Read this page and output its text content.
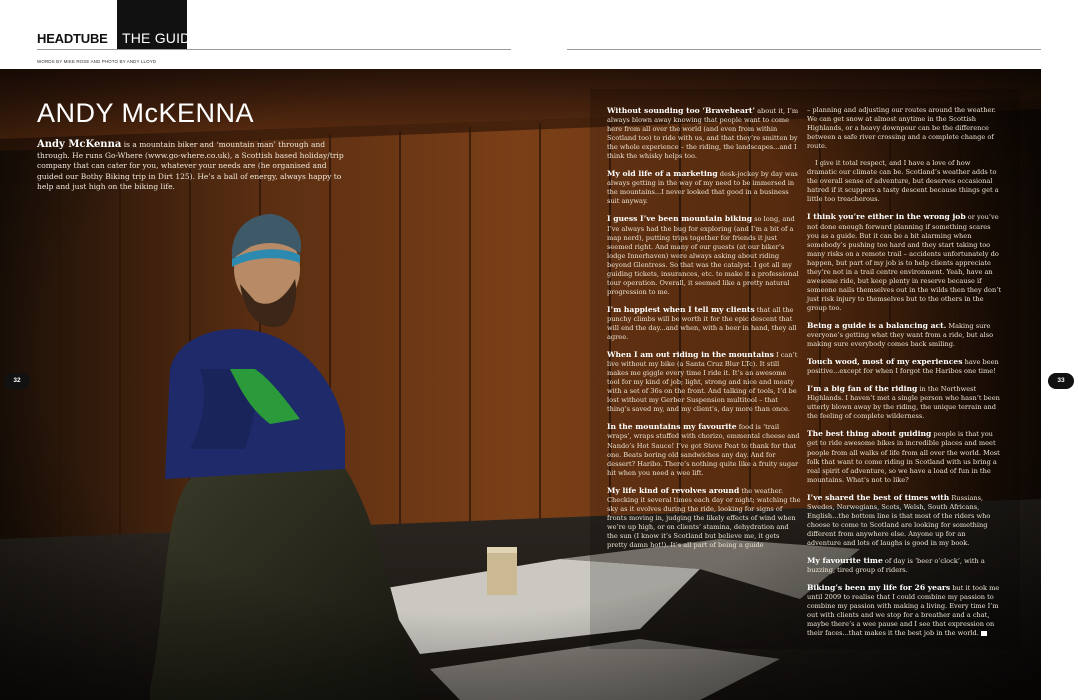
HEADTUBE THE GUIDE
WORDS BY MIKE ROSE AND PHOTO BY ANDY LLOYD
ANDY McKENNA
Andy McKenna is a mountain biker and ‘mountain man’ through and through. He runs Go-Where (www.go-where.co.uk), a Scottish based holiday/trip company that can cater for you, whatever your needs are (he organised and guided our Bothy Biking trip in Dirt 125). He’s a ball of energy, always happy to help and just high on the biking life.
Without sounding too ‘Braveheart’ about it, I’m always blown away knowing that people want to come here from all over the world (and even from within Scotland too) to ride with us, and that they’re smitten by the whole experience – the riding, the landscapes...and I think the whisky helps too.
My old life of a marketing desk-jockey by day was always getting in the way of my need to be immersed in the mountains...I never looked that good in a business suit anyway.
I guess I’ve been mountain biking so long, and I’ve always had the bug for exploring (and I’m a bit of a map nerd), putting trips together for friends it just seemed right. And many of our guests (at our biker’s lodge Innerhaven) were always asking about riding beyond Glentress. So that was the catalyst. I got all my guiding tickets, insurances, etc. to make it a professional tour operation. Overall, it seemed like a pretty natural progression to me.
I’m happiest when I tell my clients that all the punchy climbs will be worth it for the epic descent that will end the day...and when, with a beer in hand, they all agree.
When I am out riding in the mountains I can’t live without my bike (a Santa Cruz Blur LTc). It still makes me giggle every time I ride it. It’s an awesome tool for my kind of job; light, strong and nice and meaty with a set of 36s on the front. And talking of tools, I’d be lost without my Gerber Suspension multitool – that thing’s saved my, and my client’s, day more than once.
In the mountains my favourite food is ‘trail wraps’, wraps stuffed with chorizo, emmental cheese and Nando’s Hot Sauce! I’ve got Steve Peat to thank for that one. Beats boring old sandwiches any day. And for dessert? Haribo. There’s nothing quite like a fruity sugar hit when you need a wee lift.
My life kind of revolves around the weather. Checking it several times each day or night; watching the sky as it evolves during the ride, looking for signs of fronts moving in, judging the likely effects of wind when we’re up high, or on clients’ stamina, dehydration and the sun (I know it’s Scotland but believe me, it gets pretty damn hot!). It’s all part of being a guide
– planning and adjusting our routes around the weather. We can get snow at almost anytime in the Scottish Highlands, or a heavy downpour can be the difference between a safe river crossing and a complete change of route.
I give it total respect, and I have a love of how dramatic our climate can be. Scotland’s weather adds to the overall sense of adventure, but deserves occasional hatred if it scuppers a tasty descent because things get a little too treacherous.
I think you’re either in the wrong job or you’ve not done enough forward planning if something scares you as a guide. But it can be a bit alarming when somebody’s pushing too hard and they start taking too many risks on a remote trail – accidents unfortunately do happen, but part of my job is to help clients appreciate they’re not in a trail centre environment. Yeah, have an awesome ride, but keep plenty in reserve because if someone nails themselves out in the wilds then they don’t just risk injury to themselves but to the others in the group too.
Being a guide is a balancing act. Making sure everyone’s getting what they want from a ride, but also making sure everybody comes back smiling.
Touch wood, most of my experiences have been positive...except for when I forgot the Haribos one time!
I’m a big fan of the riding in the Northwest Highlands. I haven’t met a single person who hasn’t been utterly blown away by the riding, the unique terrain and the feeling of complete wilderness.
The best thing about guiding people is that you get to ride awesome bikes in incredible places and meet people from all walks of life from all over the world. Most folk that want to come riding in Scotland with us bring a real spirit of adventure, so we have a load of fun in the mountains. What’s not to like?
I’ve shared the best of times with Russians, Swedes, Norwegians, Scots, Welsh, South Africans, English...the bottom line is that most of the riders who choose to come to Scotland are looking for something different from anywhere else. Anyone up for an adventure and lots of laughs is good in my book.
My favourite time of day is ‘beer o’clock’, with a buzzing, tired group of riders.
Biking’s been my life for 26 years but it took me until 2009 to realise that I could combine my passion to combine my passion with making a living. Every time I’m out with clients and we stop for a breather and a chat, maybe there’s a wee pause and I see that expression on their faces...that makes it the best job in the world.
32	33
